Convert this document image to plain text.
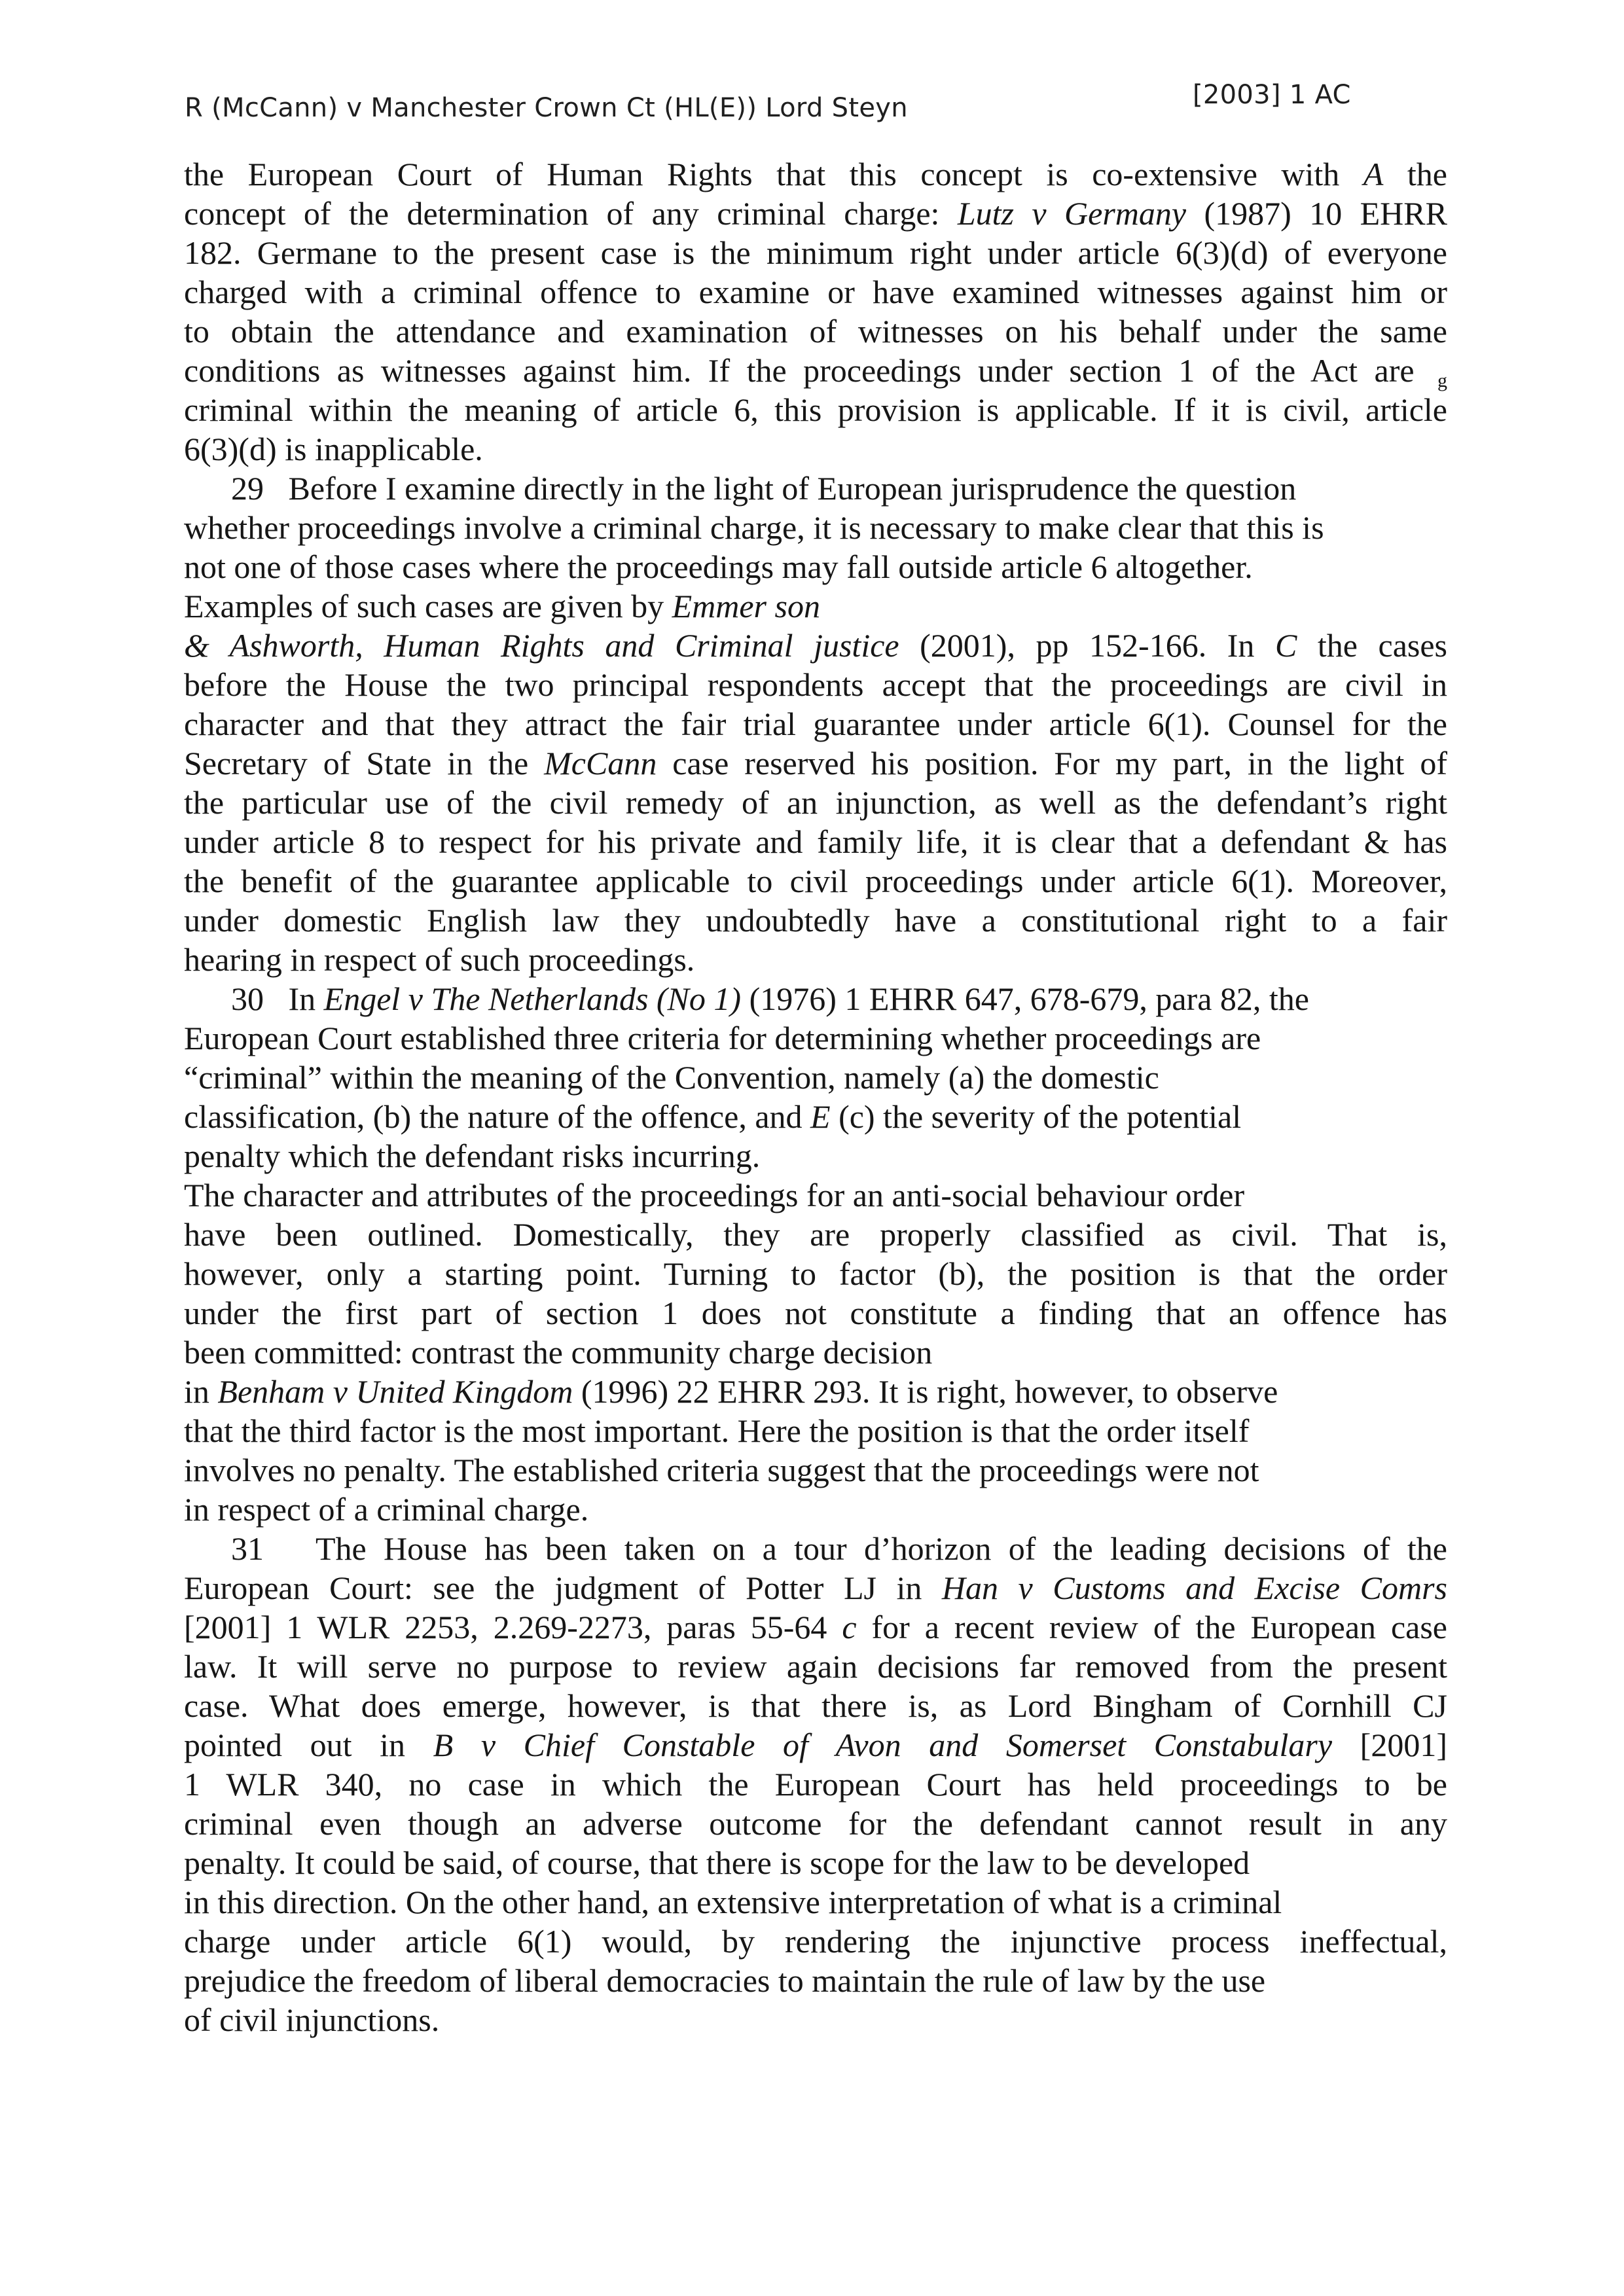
R (McCann) v Manchester Crown Ct (HL(E)) Lord Steyn	[2003] 1 AC
the European Court of Human Rights that this concept is co-extensive with A the
concept of the determination of any criminal charge: Lutz v Germany (1987) 10 EHRR
182. Germane to the present case is the minimum right under article 6(3)(d) of everyone
charged with a criminal offence to examine or have examined witnesses against him or
to obtain the attendance and examination of witnesses on his behalf under the same
conditions as witnesses against him. If the proceedings under section 1 of the Act are g
criminal within the meaning of article 6, this provision is applicable. If it is civil, article
6(3)(d) is inapplicable.
29   Before I examine directly in the light of European jurisprudence the question
whether proceedings involve a criminal charge, it is necessary to make clear that this is
not one of those cases where the proceedings may fall outside article 6 altogether.
Examples of such cases are given by Emmer son
& Ashworth, Human Rights and Criminal justice (2001), pp 152-166. In C the cases
before the House the two principal respondents accept that the proceedings are civil in
character and that they attract the fair trial guarantee under article 6(1). Counsel for the
Secretary of State in the McCann case reserved his position. For my part, in the light of
the particular use of the civil remedy of an injunction, as well as the defendant’s right
under article 8 to respect for his private and family life, it is clear that a defendant & has
the benefit of the guarantee applicable to civil proceedings under article 6(1). Moreover,
under domestic English law they undoubtedly have a constitutional right to a fair
hearing in respect of such proceedings.
30   In Engel v The Netherlands (No 1) (1976) 1 EHRR 647, 678-679, para 82, the
European Court established three criteria for determining whether proceedings are
“criminal” within the meaning of the Convention, namely (a) the domestic
classification, (b) the nature of the offence, and E (c) the severity of the potential
penalty which the defendant risks incurring.
The character and attributes of the proceedings for an anti-social behaviour order
have been outlined. Domestically, they are properly classified as civil. That is,
however, only a starting point. Turning to factor (b), the position is that the order
under the first part of section 1 does not constitute a finding that an offence has
been committed: contrast the community charge decision
in Benham v United Kingdom (1996) 22 EHRR 293. It is right, however, to observe
that the third factor is the most important. Here the position is that the order itself
involves no penalty. The established criteria suggest that the proceedings were not
in respect of a criminal charge.
31   The House has been taken on a tour d’horizon of the leading decisions of the
European Court: see the judgment of Potter LJ in Han v Customs and Excise Comrs
[2001] 1 WLR 2253, 2.269-2273, paras 55-64 c for a recent review of the European case
law. It will serve no purpose to review again decisions far removed from the present
case. What does emerge, however, is that there is, as Lord Bingham of Cornhill CJ
pointed out in B v Chief Constable of Avon and Somerset Constabulary [2001]
1 WLR 340, no case in which the European Court has held proceedings to be
criminal even though an adverse outcome for the defendant cannot result in any
penalty. It could be said, of course, that there is scope for the law to be developed
in this direction. On the other hand, an extensive interpretation of what is a criminal
charge under article 6(1) would, by rendering the injunctive process ineffectual,
prejudice the freedom of liberal democracies to maintain the rule of law by the use
of civil injunctions.
